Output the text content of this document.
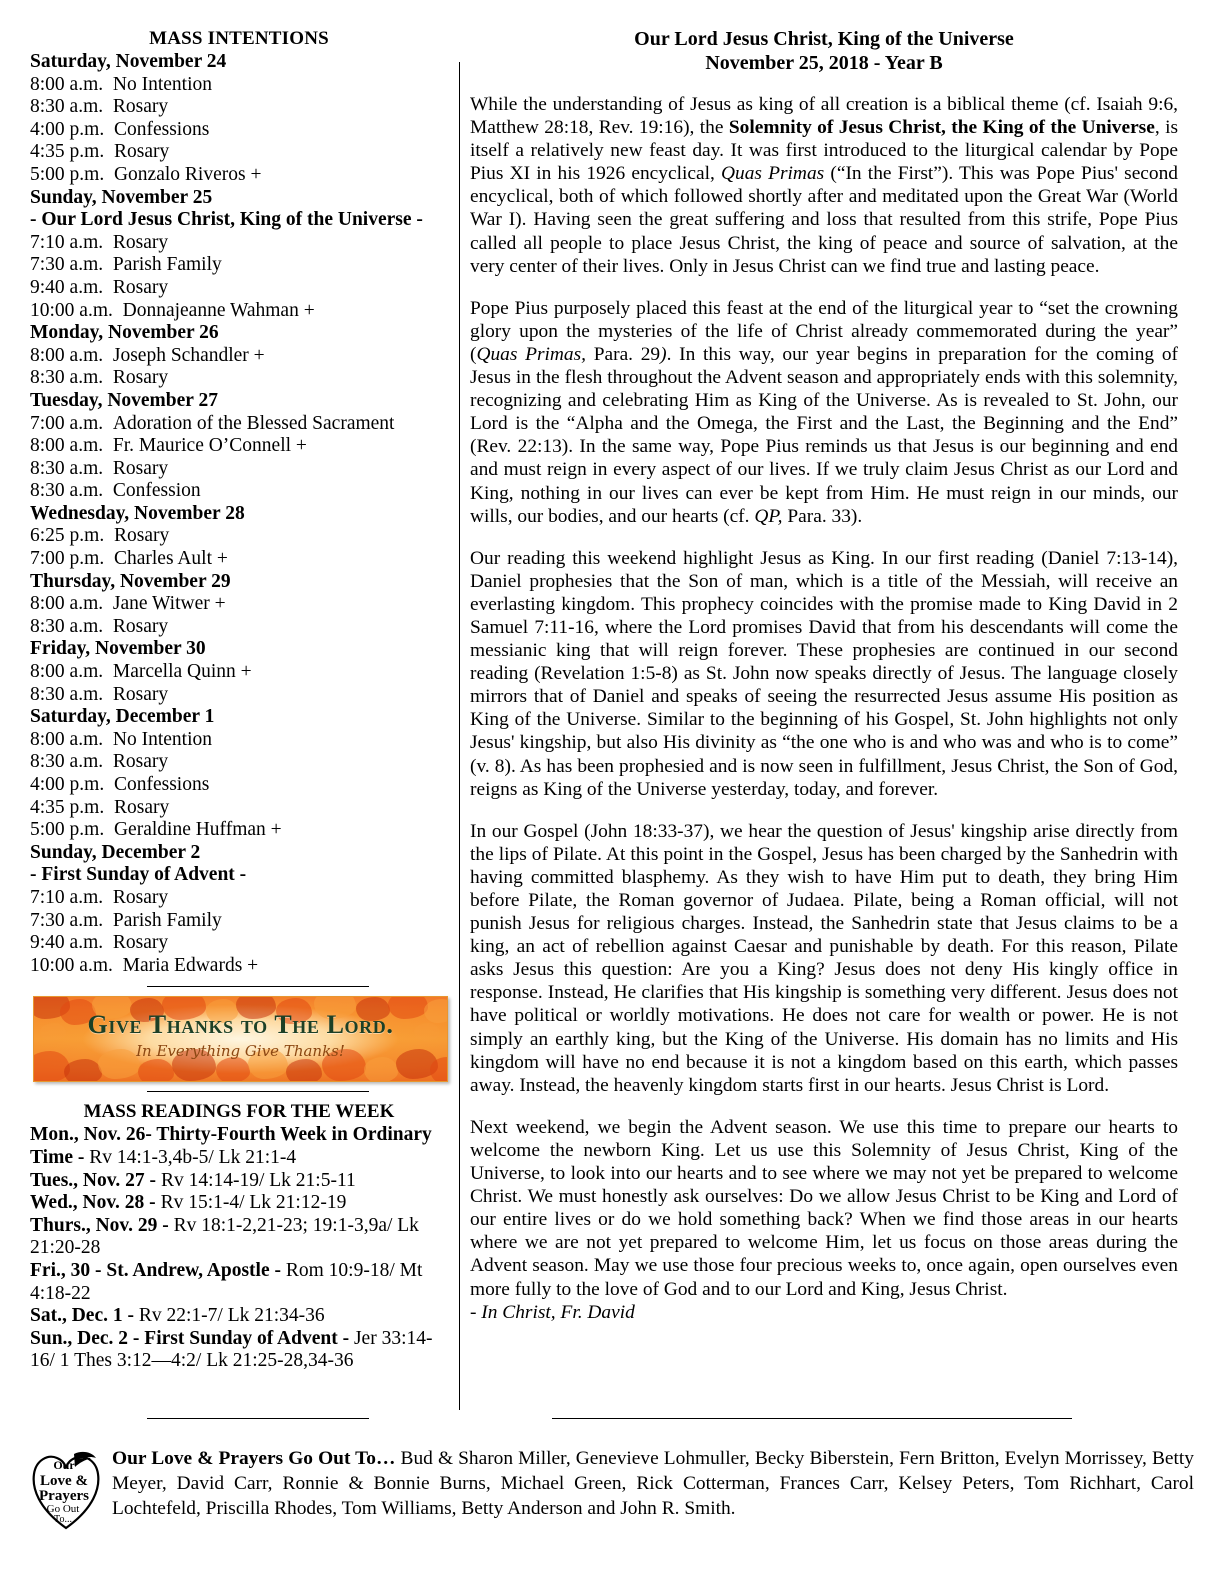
MASS INTENTIONS
Saturday, November 24
8:00 a.m. No Intention
8:30 a.m. Rosary
4:00 p.m. Confessions
4:35 p.m. Rosary
5:00 p.m. Gonzalo Riveros +
Sunday, November 25
- Our Lord Jesus Christ, King of the Universe -
7:10 a.m. Rosary
7:30 a.m. Parish Family
9:40 a.m. Rosary
10:00 a.m. Donnajeanne Wahman +
Monday, November 26
8:00 a.m. Joseph Schandler +
8:30 a.m. Rosary
Tuesday, November 27
7:00 a.m. Adoration of the Blessed Sacrament
8:00 a.m. Fr. Maurice O’Connell +
8:30 a.m. Rosary
8:30 a.m. Confession
Wednesday, November 28
6:25 p.m. Rosary
7:00 p.m. Charles Ault +
Thursday, November 29
8:00 a.m. Jane Witwer +
8:30 a.m. Rosary
Friday, November 30
8:00 a.m. Marcella Quinn +
8:30 a.m. Rosary
Saturday, December 1
8:00 a.m. No Intention
8:30 a.m. Rosary
4:00 p.m. Confessions
4:35 p.m. Rosary
5:00 p.m. Geraldine Huffman +
Sunday, December 2
- First Sunday of Advent -
7:10 a.m. Rosary
7:30 a.m. Parish Family
9:40 a.m. Rosary
10:00 a.m. Maria Edwards +
Give Thanks to The Lord.
In Everything Give Thanks!
MASS READINGS FOR THE WEEK
Mon., Nov. 26- Thirty-Fourth Week in Ordinary Time - Rv 14:1-3,4b-5/ Lk 21:1-4
Tues., Nov. 27 - Rv 14:14-19/ Lk 21:5-11
Wed., Nov. 28 - Rv 15:1-4/ Lk 21:12-19
Thurs., Nov. 29 - Rv 18:1-2,21-23; 19:1-3,9a/ Lk 21:20-28
Fri., 30 - St. Andrew, Apostle - Rom 10:9-18/ Mt 4:18-22
Sat., Dec. 1 - Rv 22:1-7/ Lk 21:34-36
Sun., Dec. 2 - First Sunday of Advent - Jer 33:14-16/ 1 Thes 3:12—4:2/ Lk 21:25-28,34-36
Our Lord Jesus Christ, King of the Universe
November 25, 2018 - Year B

While the understanding of Jesus as king of all creation is a biblical theme (cf. Isaiah 9:6, Matthew 28:18, Rev. 19:16), the Solemnity of Jesus Christ, the King of the Universe, is itself a relatively new feast day. It was first introduced to the liturgical calendar by Pope Pius XI in his 1926 encyclical, Quas Primas (“In the First”). This was Pope Pius' second encyclical, both of which followed shortly after and meditated upon the Great War (World War I). Having seen the great suffering and loss that resulted from this strife, Pope Pius called all people to place Jesus Christ, the king of peace and source of salvation, at the very center of their lives. Only in Jesus Christ can we find true and lasting peace.

Pope Pius purposely placed this feast at the end of the liturgical year to “set the crowning glory upon the mysteries of the life of Christ already commemorated during the year” (Quas Primas, Para. 29). In this way, our year begins in preparation for the coming of Jesus in the flesh throughout the Advent season and appropriately ends with this solemnity, recognizing and celebrating Him as King of the Universe. As is revealed to St. John, our Lord is the “Alpha and the Omega, the First and the Last, the Beginning and the End” (Rev. 22:13). In the same way, Pope Pius reminds us that Jesus is our beginning and end and must reign in every aspect of our lives. If we truly claim Jesus Christ as our Lord and King, nothing in our lives can ever be kept from Him. He must reign in our minds, our wills, our bodies, and our hearts (cf. QP, Para. 33).

Our reading this weekend highlight Jesus as King. In our first reading (Daniel 7:13-14), Daniel prophesies that the Son of man, which is a title of the Messiah, will receive an everlasting kingdom. This prophecy coincides with the promise made to King David in 2 Samuel 7:11-16, where the Lord promises David that from his descendants will come the messianic king that will reign forever. These prophesies are continued in our second reading (Revelation 1:5-8) as St. John now speaks directly of Jesus. The language closely mirrors that of Daniel and speaks of seeing the resurrected Jesus assume His position as King of the Universe. Similar to the beginning of his Gospel, St. John highlights not only Jesus' kingship, but also His divinity as “the one who is and who was and who is to come” (v. 8). As has been prophesied and is now seen in fulfillment, Jesus Christ, the Son of God, reigns as King of the Universe yesterday, today, and forever.

In our Gospel (John 18:33-37), we hear the question of Jesus' kingship arise directly from the lips of Pilate. At this point in the Gospel, Jesus has been charged by the Sanhedrin with having committed blasphemy. As they wish to have Him put to death, they bring Him before Pilate, the Roman governor of Judaea. Pilate, being a Roman official, will not punish Jesus for religious charges. Instead, the Sanhedrin state that Jesus claims to be a king, an act of rebellion against Caesar and punishable by death. For this reason, Pilate asks Jesus this question: Are you a King? Jesus does not deny His kingly office in response. Instead, He clarifies that His kingship is something very different. Jesus does not have political or worldly motivations. He does not care for wealth or power. He is not simply an earthly king, but the King of the Universe. His domain has no limits and His kingdom will have no end because it is not a kingdom based on this earth, which passes away. Instead, the heavenly kingdom starts first in our hearts. Jesus Christ is Lord.

Next weekend, we begin the Advent season. We use this time to prepare our hearts to welcome the newborn King. Let us use this Solemnity of Jesus Christ, King of the Universe, to look into our hearts and to see where we may not yet be prepared to welcome Christ. We must honestly ask ourselves: Do we allow Jesus Christ to be King and Lord of our entire lives or do we hold something back? When we find those areas in our hearts where we are not yet prepared to welcome Him, let us focus on those areas during the Advent season. May we use those four precious weeks to, once again, open ourselves even more fully to the love of God and to our Lord and King, Jesus Christ.

- In Christ, Fr. David
Our
Love &
Prayers
Go Out
To...
Our Love & Prayers Go Out To… Bud & Sharon Miller, Genevieve Lohmuller, Becky Biberstein, Fern Britton, Evelyn Morrissey, Betty Meyer, David Carr, Ronnie & Bonnie Burns, Michael Green, Rick Cotterman, Frances Carr, Kelsey Peters, Tom Richhart, Carol Lochtefeld, Priscilla Rhodes, Tom Williams, Betty Anderson and John R. Smith.
